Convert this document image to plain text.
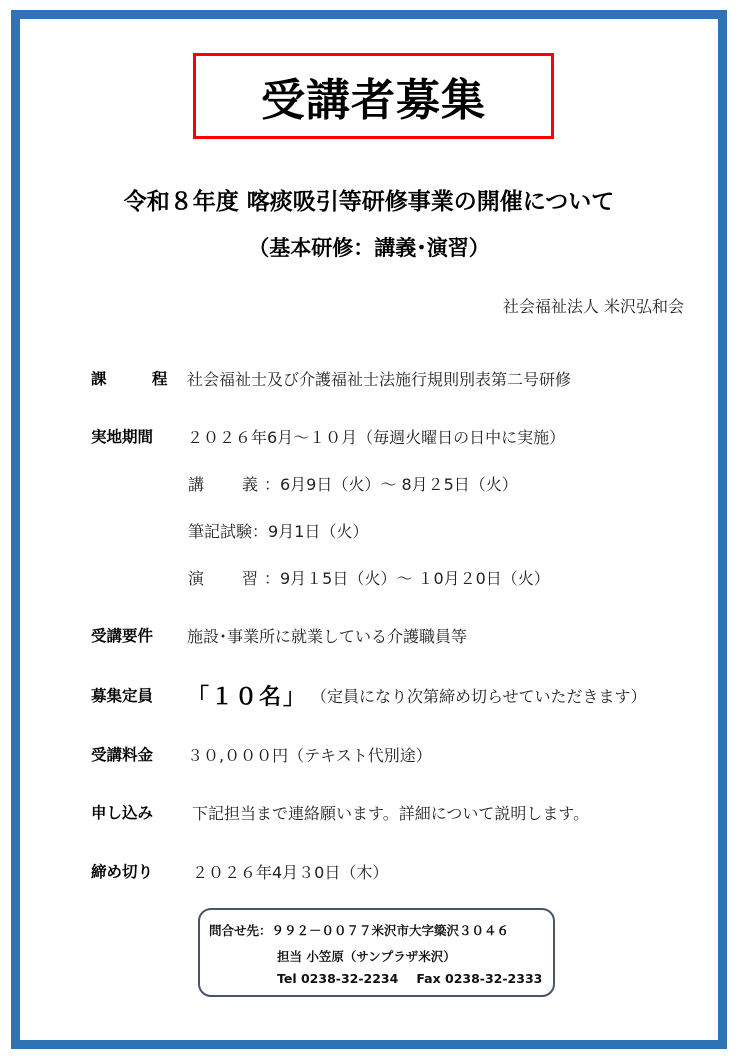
受講者募集
令和８年度 喀痰吸引等研修事業の開催について
（基本研修：講義･演習）
社会福祉法人 米沢弘和会
課 程 社会福祉士及び介護福祉士法施行規則別表第二号研修
実地期間	２０２６年6月～１０月（毎週火曜日の日中に実施）
講 義 ：6月9日（火）～ 8月２5日（火）
筆記試験 ：9月1日（火）
演 習 ：9月１5日（火）～ １0月２0日（火）
受講要件	施設･事業所に就業している介護職員等
募集定員	「１０名」 （定員になり次第締め切らせていただきます）
受講料金	３０,０００円（テキスト代別途）
申し込み	下記担当まで連絡願います。詳細について説明します。
締め切り	２０２６年4月３0日（木）
問合せ先：９９２－００７７米沢市大字簗沢３０４６
担当 小笠原（サンプラザ米沢）
Tel 0238-32-2234 Fax 0238-32-2333
